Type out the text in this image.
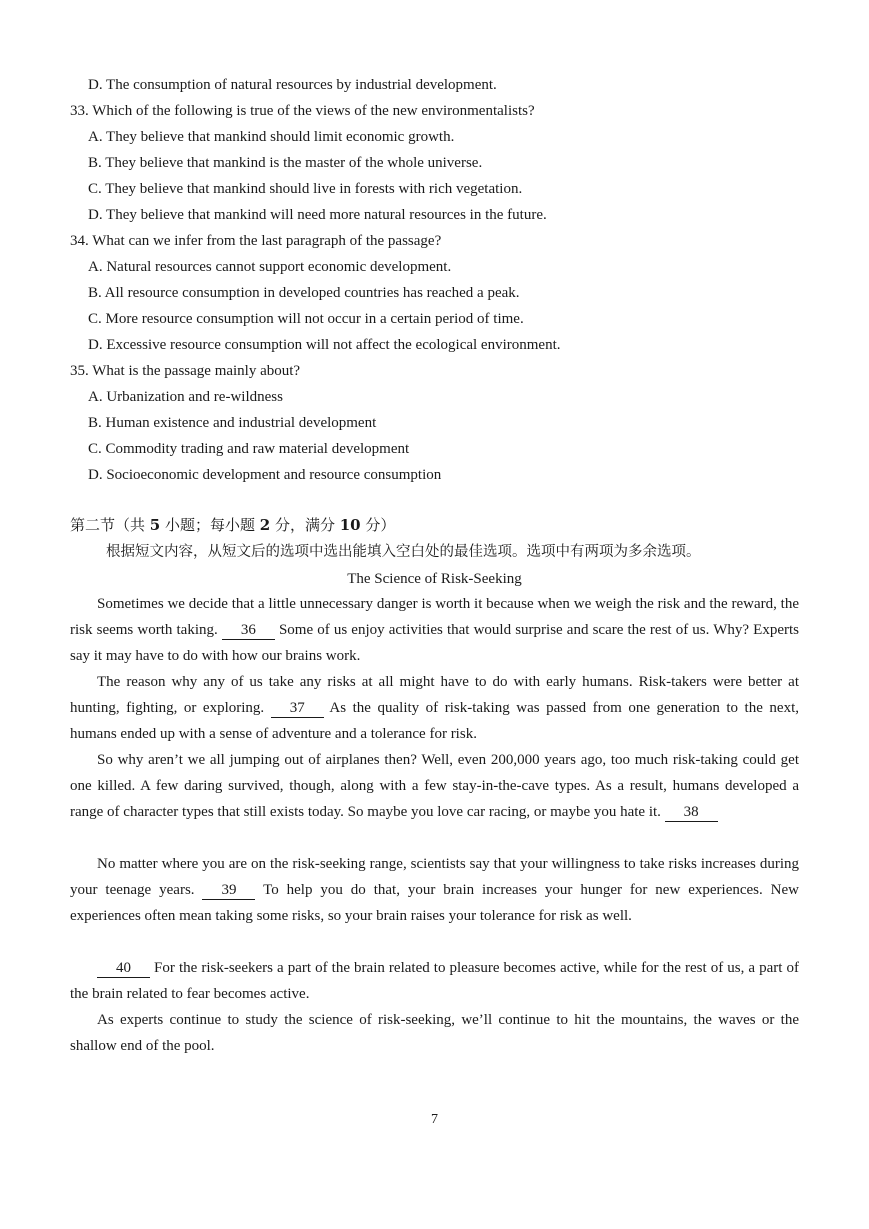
D. The consumption of natural resources by industrial development.
33. Which of the following is true of the views of the new environmentalists?
A. They believe that mankind should limit economic growth.
B. They believe that mankind is the master of the whole universe.
C. They believe that mankind should live in forests with rich vegetation.
D. They believe that mankind will need more natural resources in the future.
34. What can we infer from the last paragraph of the passage?
A. Natural resources cannot support economic development.
B. All resource consumption in developed countries has reached a peak.
C. More resource consumption will not occur in a certain period of time.
D. Excessive resource consumption will not affect the ecological environment.
35. What is the passage mainly about?
A. Urbanization and re-wildness
B. Human existence and industrial development
C. Commodity trading and raw material development
D. Socioeconomic development and resource consumption
第二节（共 5 小题；每小题 2 分，满分 10 分）
根据短文内容，从短文后的选项中选出能填入空白处的最佳选项。选项中有两项为多余选项。
The Science of Risk-Seeking
Sometimes we decide that a little unnecessary danger is worth it because when we weigh the risk and the reward, the risk seems worth taking. 36 Some of us enjoy activities that would surprise and scare the rest of us. Why? Experts say it may have to do with how our brains work.
The reason why any of us take any risks at all might have to do with early humans. Risk-takers were better at hunting, fighting, or exploring. 37 As the quality of risk-taking was passed from one generation to the next, humans ended up with a sense of adventure and a tolerance for risk.
So why aren’t we all jumping out of airplanes then? Well, even 200,000 years ago, too much risk-taking could get one killed. A few daring survived, though, along with a few stay-in-the-cave types. As a result, humans developed a range of character types that still exists today. So maybe you love car racing, or maybe you hate it. 38
No matter where you are on the risk-seeking range, scientists say that your willingness to take risks increases during your teenage years. 39 To help you do that, your brain increases your hunger for new experiences. New experiences often mean taking some risks, so your brain raises your tolerance for risk as well.
40 For the risk-seekers a part of the brain related to pleasure becomes active, while for the rest of us, a part of the brain related to fear becomes active.
As experts continue to study the science of risk-seeking, we’ll continue to hit the mountains, the waves or the shallow end of the pool.
7
